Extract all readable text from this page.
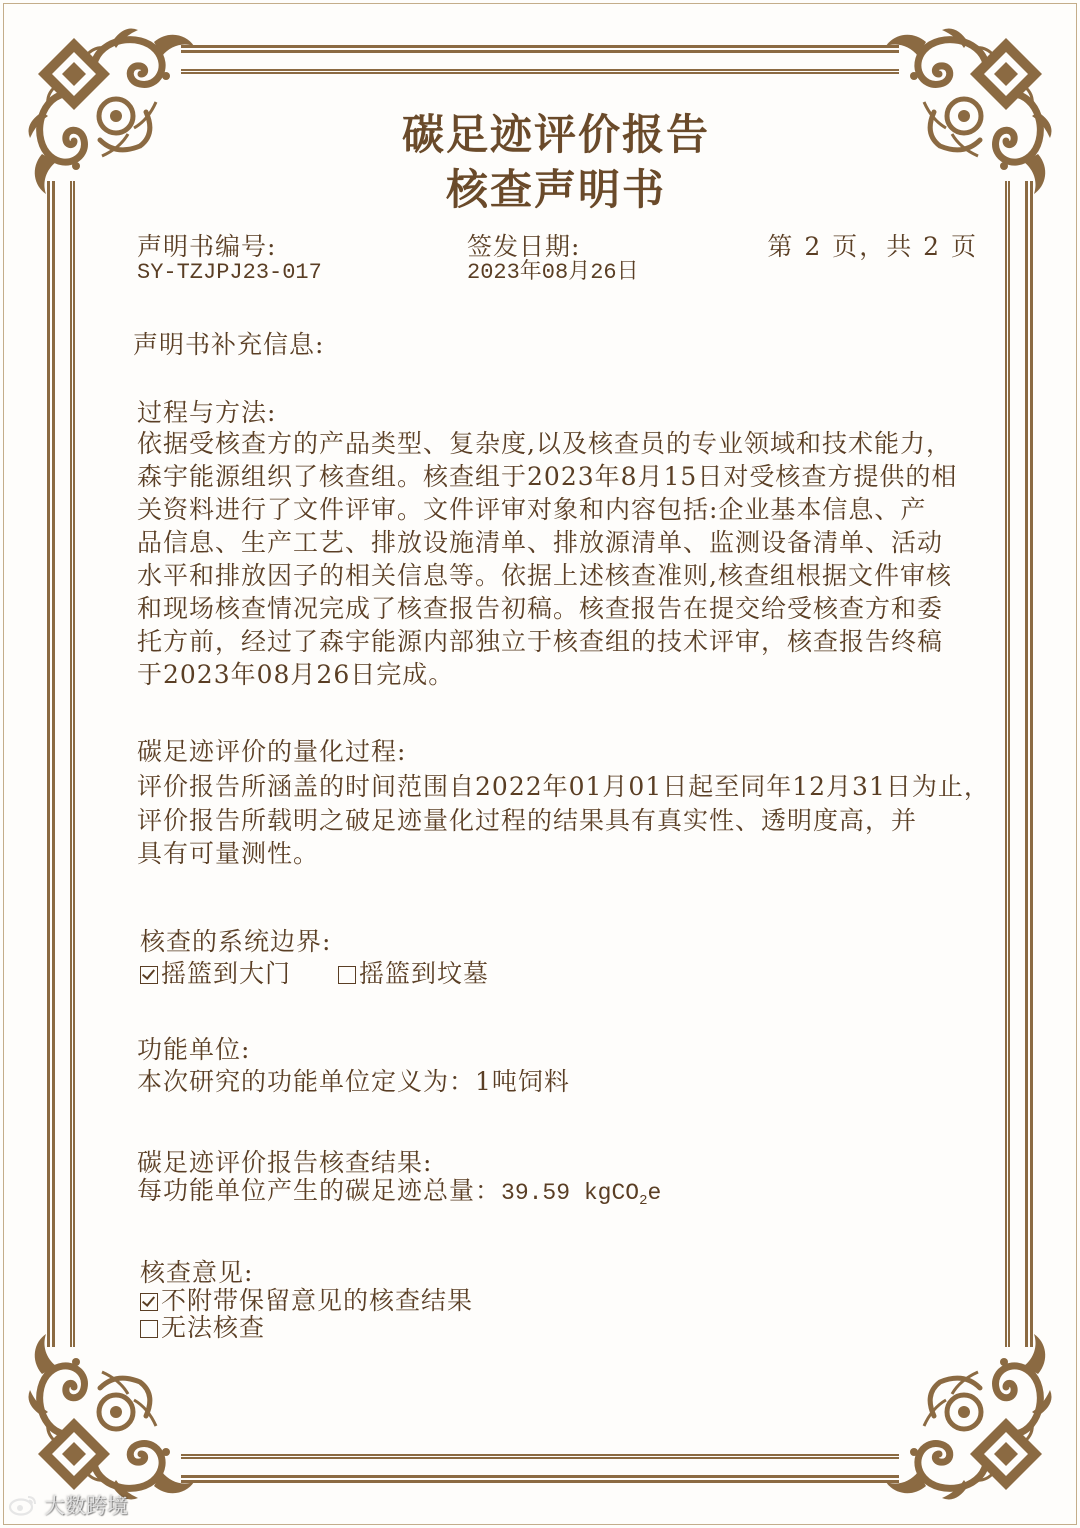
碳足迹评价报告
核查声明书
声明书编号:
SY-TZJPJ23-017
签发日期:
2023年08月26日
第 2 页，共 2 页
声明书补充信息:
过程与方法:
依据受核查方的产品类型、复杂度,以及核查员的专业领域和技术能力，
森宇能源组织了核查组。核查组于2023年8月15日对受核查方提供的相
关资料进行了文件评审。文件评审对象和内容包括:企业基本信息、产
品信息、生产工艺、排放设施清单、排放源清单、监测设备清单、活动
水平和排放因子的相关信息等。依据上述核查准则,核查组根据文件审核
和现场核查情况完成了核查报告初稿。核查报告在提交给受核查方和委
托方前，经过了森宇能源内部独立于核查组的技术评审，核查报告终稿
于2023年08月26日完成。
碳足迹评价的量化过程:
评价报告所涵盖的时间范围自2022年01月01日起至同年12月31日为止，
评价报告所载明之破足迹量化过程的结果具有真实性、透明度高，并
具有可量测性。
核查的系统边界:
摇篮到大门	摇篮到坟墓
功能单位:
本次研究的功能单位定义为：1吨饲料
碳足迹评价报告核查结果:
每功能单位产生的碳足迹总量：39.59 kgCO$_2$e
核查意见:
不附带保留意见的核查结果
无法核查
大数跨境
